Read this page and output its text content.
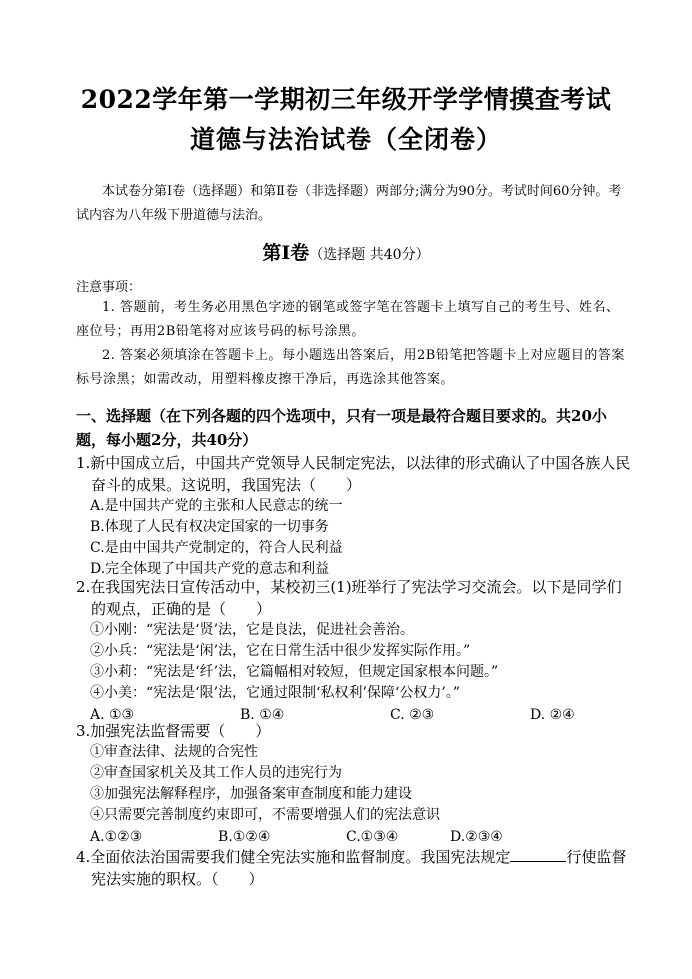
2022学年第一学期初三年级开学学情摸查考试
道德与法治试卷（全闭卷）
本试卷分第Ⅰ卷（选择题）和第Ⅱ卷（非选择题）两部分;满分为90分。考试时间60分钟。考试内容为八年级下册道德与法治。
第Ⅰ卷（选择题 共40分）
注意事项：
1. 答题前，考生务必用黑色字迹的钢笔或签字笔在答题卡上填写自己的考生号、姓名、座位号；再用2B铅笔将对应该号码的标号涂黑。
2. 答案必须填涂在答题卡上。每小题选出答案后，用2B铅笔把答题卡上对应题目的答案标号涂黑；如需改动，用塑料橡皮擦干净后，再选涂其他答案。
一、选择题（在下列各题的四个选项中，只有一项是最符合题目要求的。共20小题，每小题2分，共40分）
1.新中国成立后，中国共产党领导人民制定宪法，以法律的形式确认了中国各族人民奋斗的成果。这说明，我国宪法（　　）
A.是中国共产党的主张和人民意志的统一
B.体现了人民有权决定国家的一切事务
C.是由中国共产党制定的，符合人民利益
D.完全体现了中国共产党的意志和利益
2.在我国宪法日宣传活动中，某校初三(1)班举行了宪法学习交流会。以下是同学们的观点，正确的是（　　）
①小刚：“宪法是‘贤’法，它是良法，促进社会善治。
②小兵：“宪法是‘闲’法，它在日常生活中很少发挥实际作用。”
③小莉：“宪法是‘纤’法，它篇幅相对较短，但规定国家根本问题。”
④小美：“宪法是‘限’法，它通过限制‘私权利’保障‘公权力’。”
A. ①③	B. ①④	C. ②③	D. ②④
3.加强宪法监督需要（　　）
①审查法律、法规的合宪性
②审查国家机关及其工作人员的违宪行为
③加强宪法解释程序，加强备案审查制度和能力建设
④只需要完善制度约束即可，不需要增强人们的宪法意识
A.①②③	B.①②④	C.①③④	D.②③④
4.全面依法治国需要我们健全宪法实施和监督制度。我国宪法规定	行使监督宪法实施的职权。（　　）
